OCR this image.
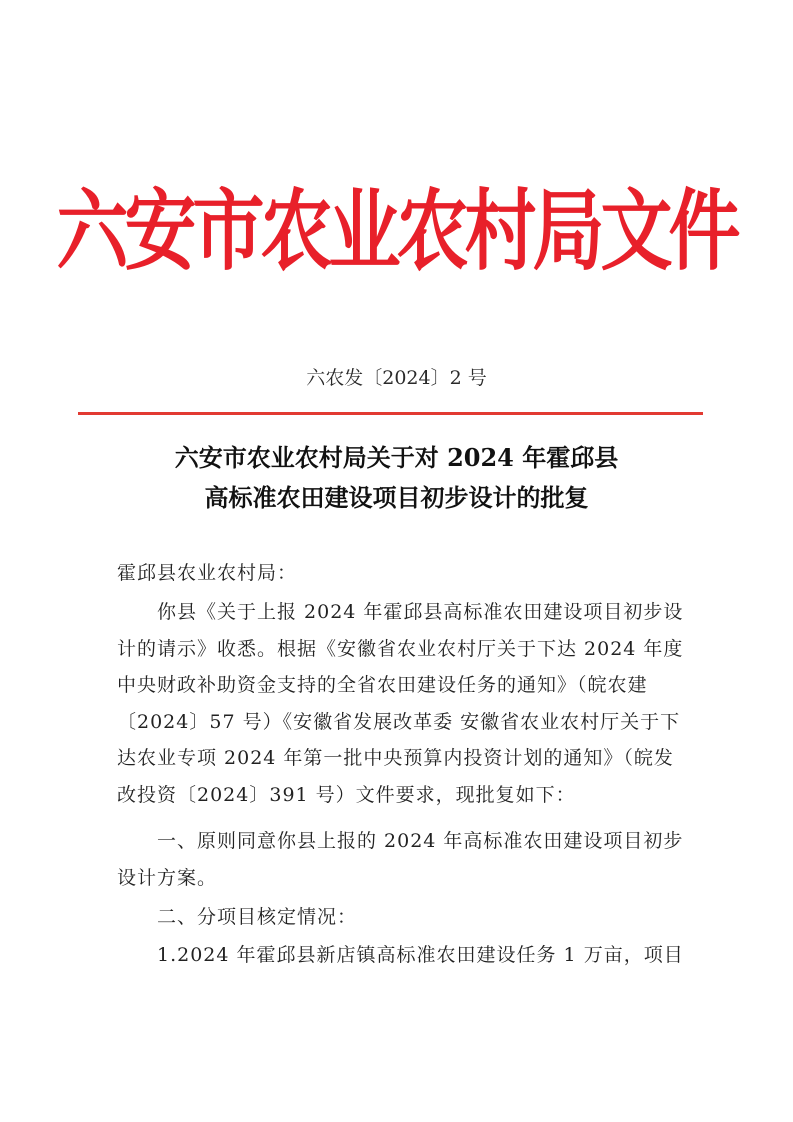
六安市农业农村局文件
六农发〔2024〕2 号
六安市农业农村局关于对 2024 年霍邱县
高标准农田建设项目初步设计的批复
霍邱县农业农村局：
　　你县《关于上报 2024 年霍邱县高标准农田建设项目初步设
计的请示》收悉。根据《安徽省农业农村厅关于下达 2024 年度
中央财政补助资金支持的全省农田建设任务的通知》（皖农建
〔2024〕57 号）《安徽省发展改革委 安徽省农业农村厅关于下
达农业专项 2024 年第一批中央预算内投资计划的通知》（皖发
改投资〔2024〕391 号）文件要求，现批复如下：
　　一、原则同意你县上报的 2024 年高标准农田建设项目初步
设计方案。
　　二、分项目核定情况：
　　1.2024 年霍邱县新店镇高标准农田建设任务 1 万亩，项目
